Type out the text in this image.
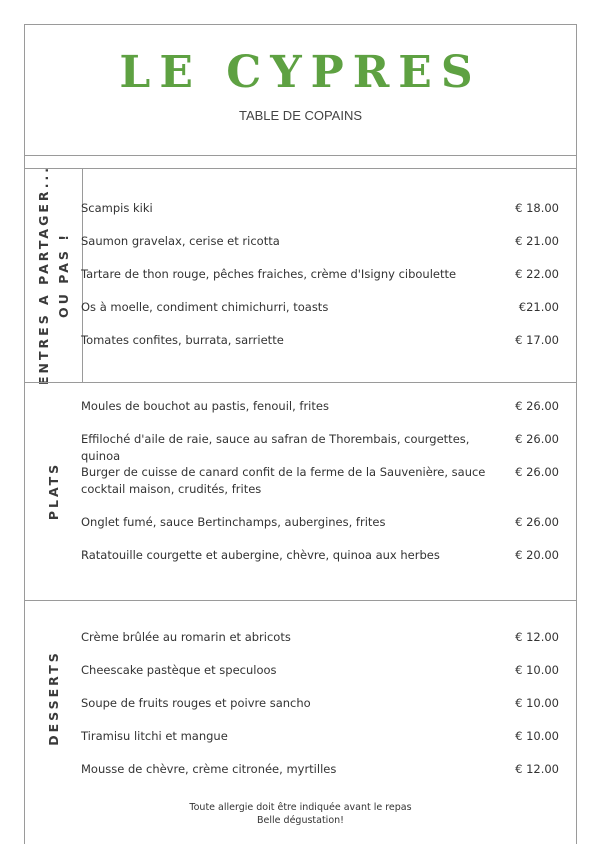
LE CYPRES
TABLE DE COPAINS
ENTRES A PARTAGER... OU PAS !
Scampis kiki	€ 18.00
Saumon gravelax, cerise et ricotta	€ 21.00
Tartare de thon rouge, pêches fraiches, crème d'Isigny ciboulette	€ 22.00
Os à moelle, condiment chimichurri, toasts	€21.00
Tomates confites, burrata, sarriette	€ 17.00
PLATS
Moules de bouchot au pastis, fenouil, frites	€ 26.00
Effiloché d'aile de raie, sauce au safran de Thorembais, courgettes, quinoa
€ 26.00
Burger de cuisse de canard confit de la ferme de la Sauvenière, sauce cocktail maison, crudités, frites
€ 26.00
Onglet fumé, sauce Bertinchamps, aubergines, frites	€ 26.00
Ratatouille courgette et aubergine, chèvre, quinoa aux herbes	€ 20.00
DESSERTS
Crème brûlée au romarin et abricots	€ 12.00
Cheescake pastèque et speculoos	€ 10.00
Soupe de fruits rouges et poivre sancho	€ 10.00
Tiramisu litchi et mangue	€ 10.00
Mousse de chèvre, crème citronée, myrtilles	€ 12.00
Toute allergie doit être indiquée avant le repas
Belle dégustation!
